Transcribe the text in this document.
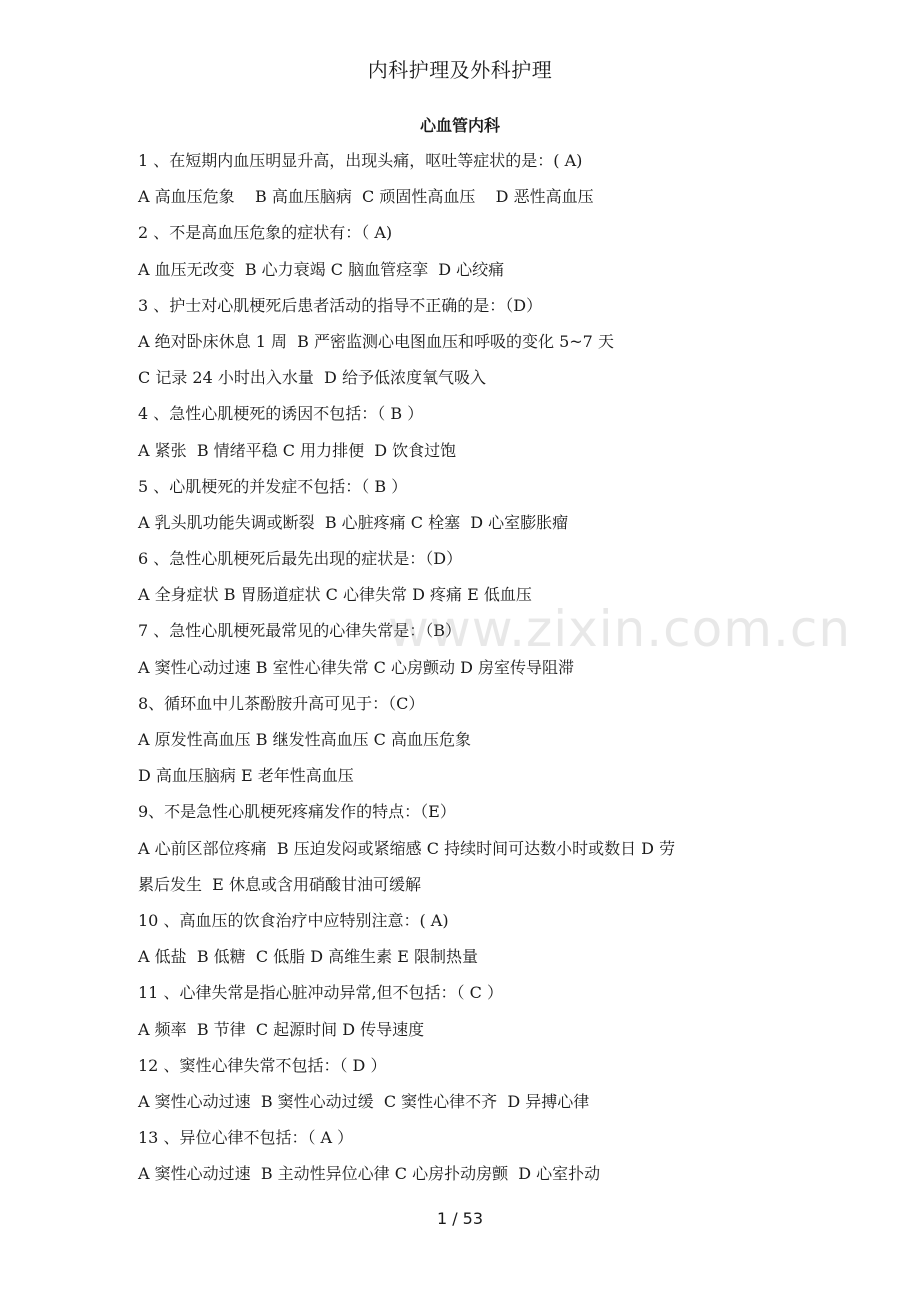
内科护理及外科护理
心血管内科
1 、在短期内血压明显升高，出现头痛，呕吐等症状的是：( A)
A 高血压危象    B 高血压脑病  C 顽固性高血压    D 恶性高血压
2 、不是高血压危象的症状有：（ A)
A 血压无改变  B 心力衰竭 C 脑血管痉挛  D 心绞痛
3 、护士对心肌梗死后患者活动的指导不正确的是：（D）
A 绝对卧床休息 1 周  B 严密监测心电图血压和呼吸的变化 5~7 天
C 记录 24 小时出入水量  D 给予低浓度氧气吸入
4 、急性心肌梗死的诱因不包括：（ B ）
A 紧张  B 情绪平稳 C 用力排便  D 饮食过饱
5 、心肌梗死的并发症不包括：（ B ）
A 乳头肌功能失调或断裂  B 心脏疼痛 C 栓塞  D 心室膨胀瘤
6 、急性心肌梗死后最先出现的症状是：（D）
A 全身症状 B 胃肠道症状 C 心律失常 D 疼痛 E 低血压
7 、急性心肌梗死最常见的心律失常是：（B）
A 窦性心动过速 B 室性心律失常 C 心房颤动 D 房室传导阻滞
8、循环血中儿茶酚胺升高可见于：（C）
A 原发性高血压 B 继发性高血压 C 高血压危象
D 高血压脑病 E 老年性高血压
9、不是急性心肌梗死疼痛发作的特点：（E）
A 心前区部位疼痛  B 压迫发闷或紧缩感 C 持续时间可达数小时或数日 D 劳
累后发生  E 休息或含用硝酸甘油可缓解
10 、高血压的饮食治疗中应特别注意：( A)
A 低盐  B 低糖  C 低脂 D 高维生素 E 限制热量
11 、心律失常是指心脏冲动异常,但不包括：（ C ）
A 频率  B 节律  C 起源时间 D 传导速度
12 、窦性心律失常不包括：（ D ）
A 窦性心动过速  B 窦性心动过缓  C 窦性心律不齐  D 异搏心律
13 、异位心律不包括：（ A ）
A 窦性心动过速  B 主动性异位心律 C 心房扑动房颤  D 心室扑动
www.zixin.com.cn
1 / 53
